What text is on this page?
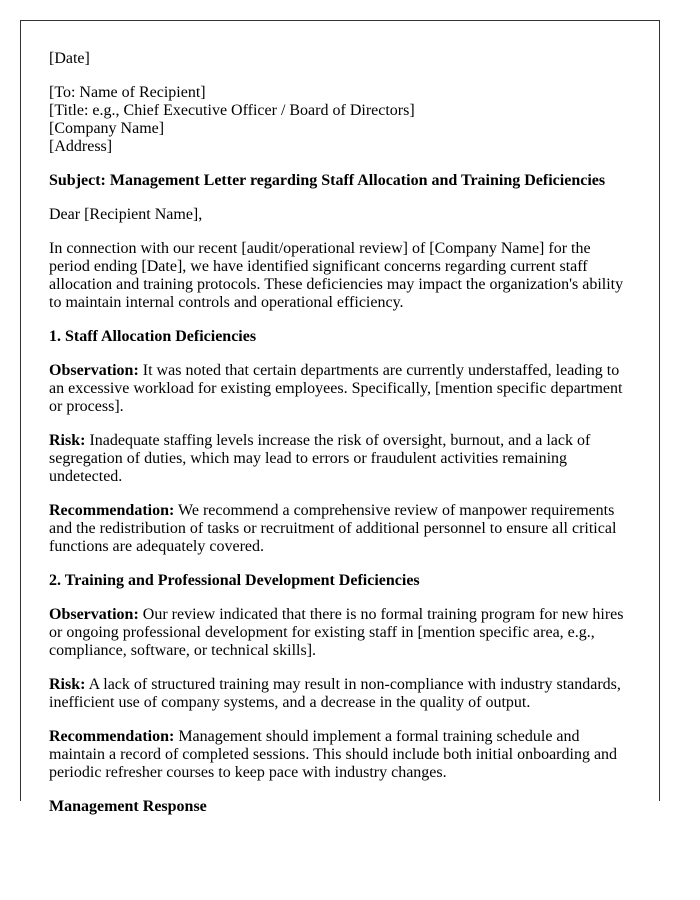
[Date]

[To: Name of Recipient]

[Title: e.g., Chief Executive Officer / Board of Directors]

[Company Name]

[Address]

Subject: Management Letter regarding Staff Allocation and Training Deficiencies

Dear [Recipient Name],

In connection with our recent [audit/operational review] of [Company Name] for the period ending [Date], we have identified significant concerns regarding current staff allocation and training protocols. These deficiencies may impact the organization's ability to maintain internal controls and operational efficiency.

1. Staff Allocation Deficiencies

Observation: It was noted that certain departments are currently understaffed, leading to an excessive workload for existing employees. Specifically, [mention specific department or process].

Risk: Inadequate staffing levels increase the risk of oversight, burnout, and a lack of segregation of duties, which may lead to errors or fraudulent activities remaining undetected.

Recommendation: We recommend a comprehensive review of manpower requirements and the redistribution of tasks or recruitment of additional personnel to ensure all critical functions are adequately covered.

2. Training and Professional Development Deficiencies

Observation: Our review indicated that there is no formal training program for new hires or ongoing professional development for existing staff in [mention specific area, e.g., compliance, software, or technical skills].

Risk: A lack of structured training may result in non-compliance with industry standards, inefficient use of company systems, and a decrease in the quality of output.

Recommendation: Management should implement a formal training schedule and maintain a record of completed sessions. This should include both initial onboarding and periodic refresher courses to keep pace with industry changes.

Management Response
